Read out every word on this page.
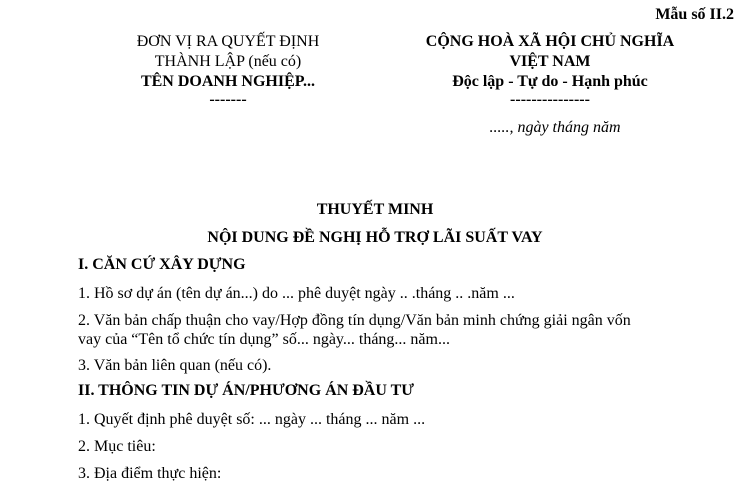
Mẫu số II.2
ĐƠN VỊ RA QUYẾT ĐỊNH
THÀNH LẬP (nếu có)
TÊN DOANH NGHIỆP...
-------
CỘNG HOÀ XÃ HỘI CHỦ NGHĨA
VIỆT NAM
Độc lập - Tự do - Hạnh phúc
---------------
....., ngày tháng năm
THUYẾT MINH
NỘI DUNG ĐỀ NGHỊ HỖ TRỢ LÃI SUẤT VAY
I. CĂN CỨ XÂY DỰNG
1. Hồ sơ dự án (tên dự án...) do ... phê duyệt ngày .. .tháng .. .năm ...
2. Văn bản chấp thuận cho vay/Hợp đồng tín dụng/Văn bản minh chứng giải ngân vốn
vay của “Tên tổ chức tín dụng” số... ngày... tháng... năm...
3. Văn bản liên quan (nếu có).
II. THÔNG TIN DỰ ÁN/PHƯƠNG ÁN ĐẦU TƯ
1. Quyết định phê duyệt số: ... ngày ... tháng ... năm ...
2. Mục tiêu:
3. Địa điểm thực hiện:
